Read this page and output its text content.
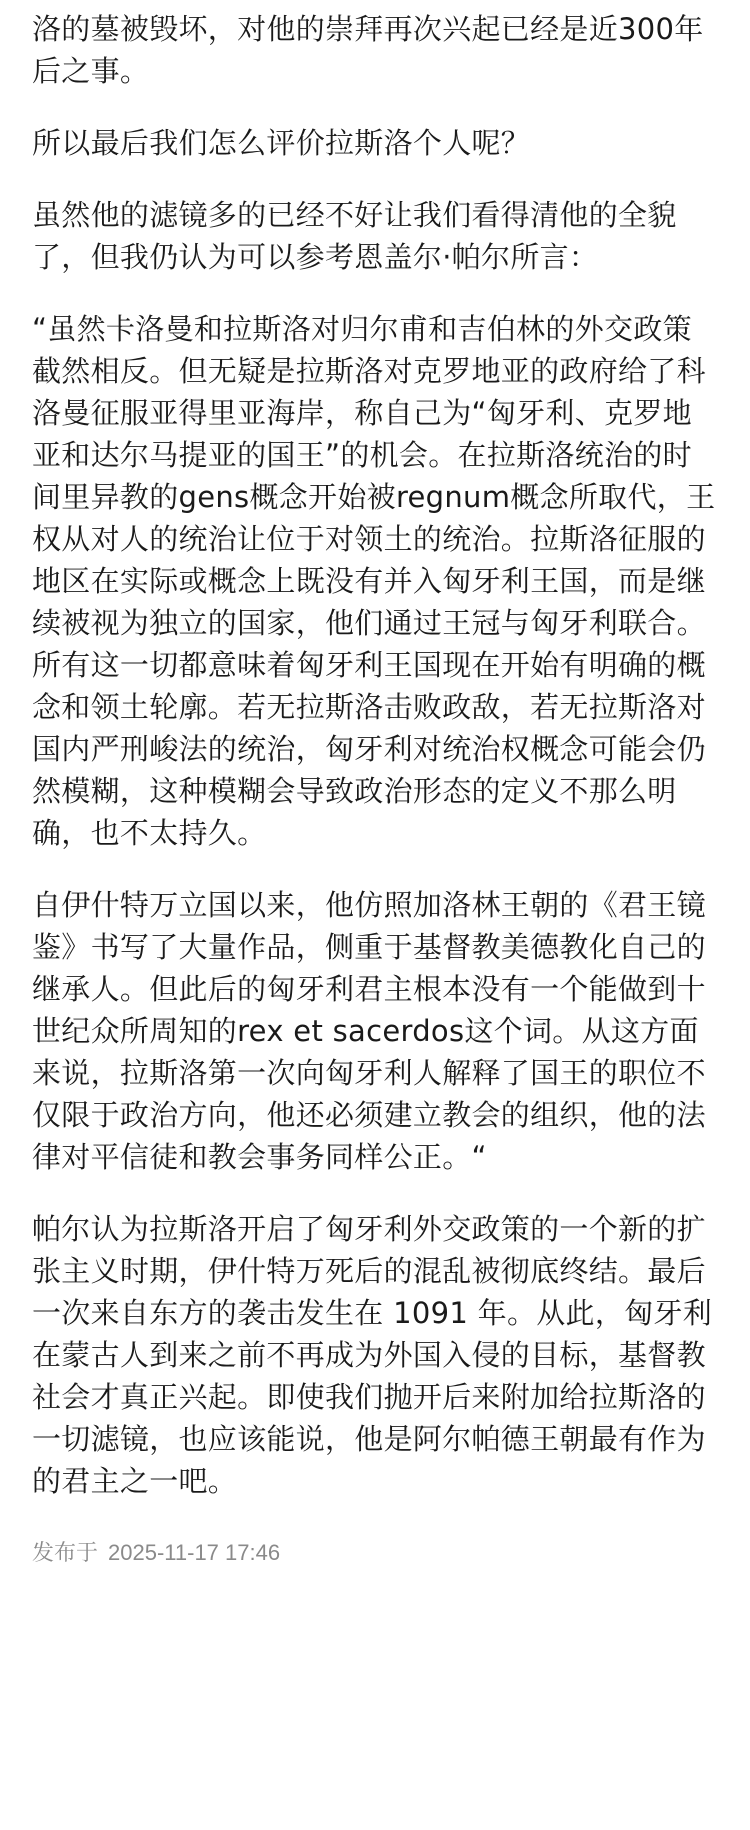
洛的墓被毁坏，对他的崇拜再次兴起已经是近300年后之事。

所以最后我们怎么评价拉斯洛个人呢？

虽然他的滤镜多的已经不好让我们看得清他的全貌了，但我仍认为可以参考恩盖尔·帕尔所言：

“虽然卡洛曼和拉斯洛对归尔甫和吉伯林的外交政策截然相反。但无疑是拉斯洛对克罗地亚的政府给了科洛曼征服亚得里亚海岸，称自己为“匈牙利、克罗地亚和达尔马提亚的国王”的机会。在拉斯洛统治的时间里异教的gens概念开始被regnum概念所取代，王权从对人的统治让位于对领土的统治。拉斯洛征服的地区在实际或概念上既没有并入匈牙利王国，而是继续被视为独立的国家，他们通过王冠与匈牙利联合。所有这一切都意味着匈牙利王国现在开始有明确的概念和领土轮廓。若无拉斯洛击败政敌，若无拉斯洛对国内严刑峻法的统治，匈牙利对统治权概念可能会仍然模糊，这种模糊会导致政治形态的定义不那么明确，也不太持久。

自伊什特万立国以来，他仿照加洛林王朝的《君王镜鉴》书写了大量作品，侧重于基督教美德教化自己的继承人。但此后的匈牙利君主根本没有一个能做到十世纪众所周知的rex et sacerdos这个词。从这方面来说，拉斯洛第一次向匈牙利人解释了国王的职位不仅限于政治方向，他还必须建立教会的组织，他的法律对平信徒和教会事务同样公正。“

帕尔认为拉斯洛开启了匈牙利外交政策的一个新的扩张主义时期，伊什特万死后的混乱被彻底终结。最后一次来自东方的袭击发生在 1091 年。从此，匈牙利在蒙古人到来之前不再成为外国入侵的目标，基督教社会才真正兴起。即使我们抛开后来附加给拉斯洛的一切滤镜，也应该能说，他是阿尔帕德王朝最有作为的君主之一吧。

发布于 2025-11-17 17:46
